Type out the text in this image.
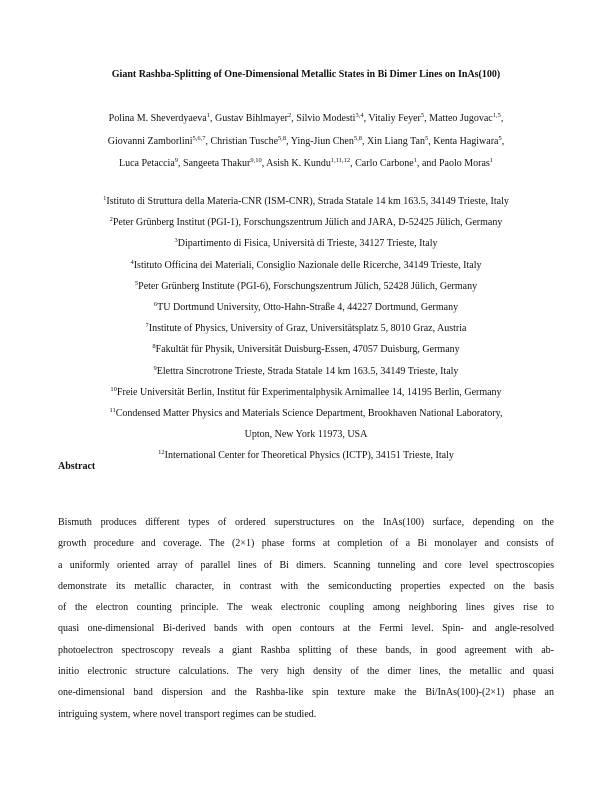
Giant Rashba-Splitting of One-Dimensional Metallic States in Bi Dimer Lines on InAs(100)
Polina M. Sheverdyaeva$^1$, Gustav Bihlmayer$^2$, Silvio Modesti$^{3,4}$, Vitaliy Feyer$^5$, Matteo Jugovac$^{1,5}$,
Giovanni Zamborlini$^{5,6,7}$, Christian Tusche$^{5,8}$, Ying-Jiun Chen$^{5,8}$, Xin Liang Tan$^5$, Kenta Hagiwara$^5$,
Luca Petaccia$^9$, Sangeeta Thakur$^{9,10}$, Asish K. Kundu$^{1,11,12}$, Carlo Carbone$^1$, and Paolo Moras$^1$
$^1$Istituto di Struttura della Materia-CNR (ISM-CNR), Strada Statale 14 km 163.5, 34149 Trieste, Italy
$^2$Peter Grünberg Institut (PGI-1), Forschungszentrum Jülich and JARA, D-52425 Jülich, Germany
$^3$Dipartimento di Fisica, Università di Trieste, 34127 Trieste, Italy
$^4$Istituto Officina dei Materiali, Consiglio Nazionale delle Ricerche, 34149 Trieste, Italy
$^5$Peter Grünberg Institute (PGI-6), Forschungszentrum Jülich, 52428 Jülich, Germany
$^6$TU Dortmund University, Otto-Hahn-Straße 4, 44227 Dortmund, Germany
$^7$Institute of Physics, University of Graz, Universitätsplatz 5, 8010 Graz, Austria
$^8$Fakultät für Physik, Universität Duisburg-Essen, 47057 Duisburg, Germany
$^9$Elettra Sincrotrone Trieste, Strada Statale 14 km 163.5, 34149 Trieste, Italy
$^{10}$Freie Universität Berlin, Institut für Experimentalphysik Arnimallee 14, 14195 Berlin, Germany
$^{11}$Condensed Matter Physics and Materials Science Department, Brookhaven National Laboratory,
Upton, New York 11973, USA
$^{12}$International Center for Theoretical Physics (ICTP), 34151 Trieste, Italy
Abstract
Bismuth produces different types of ordered superstructures on the InAs(100) surface, depending on the
growth procedure and coverage. The (2×1) phase forms at completion of a Bi monolayer and consists of
a uniformly oriented array of parallel lines of Bi dimers. Scanning tunneling and core level spectroscopies
demonstrate its metallic character, in contrast with the semiconducting properties expected on the basis
of the electron counting principle. The weak electronic coupling among neighboring lines gives rise to
quasi one-dimensional Bi-derived bands with open contours at the Fermi level. Spin- and angle-resolved
photoelectron spectroscopy reveals a giant Rashba splitting of these bands, in good agreement with ab-
initio electronic structure calculations. The very high density of the dimer lines, the metallic and quasi
one-dimensional band dispersion and the Rashba-like spin texture make the Bi/InAs(100)-(2×1) phase an
intriguing system, where novel transport regimes can be studied.
